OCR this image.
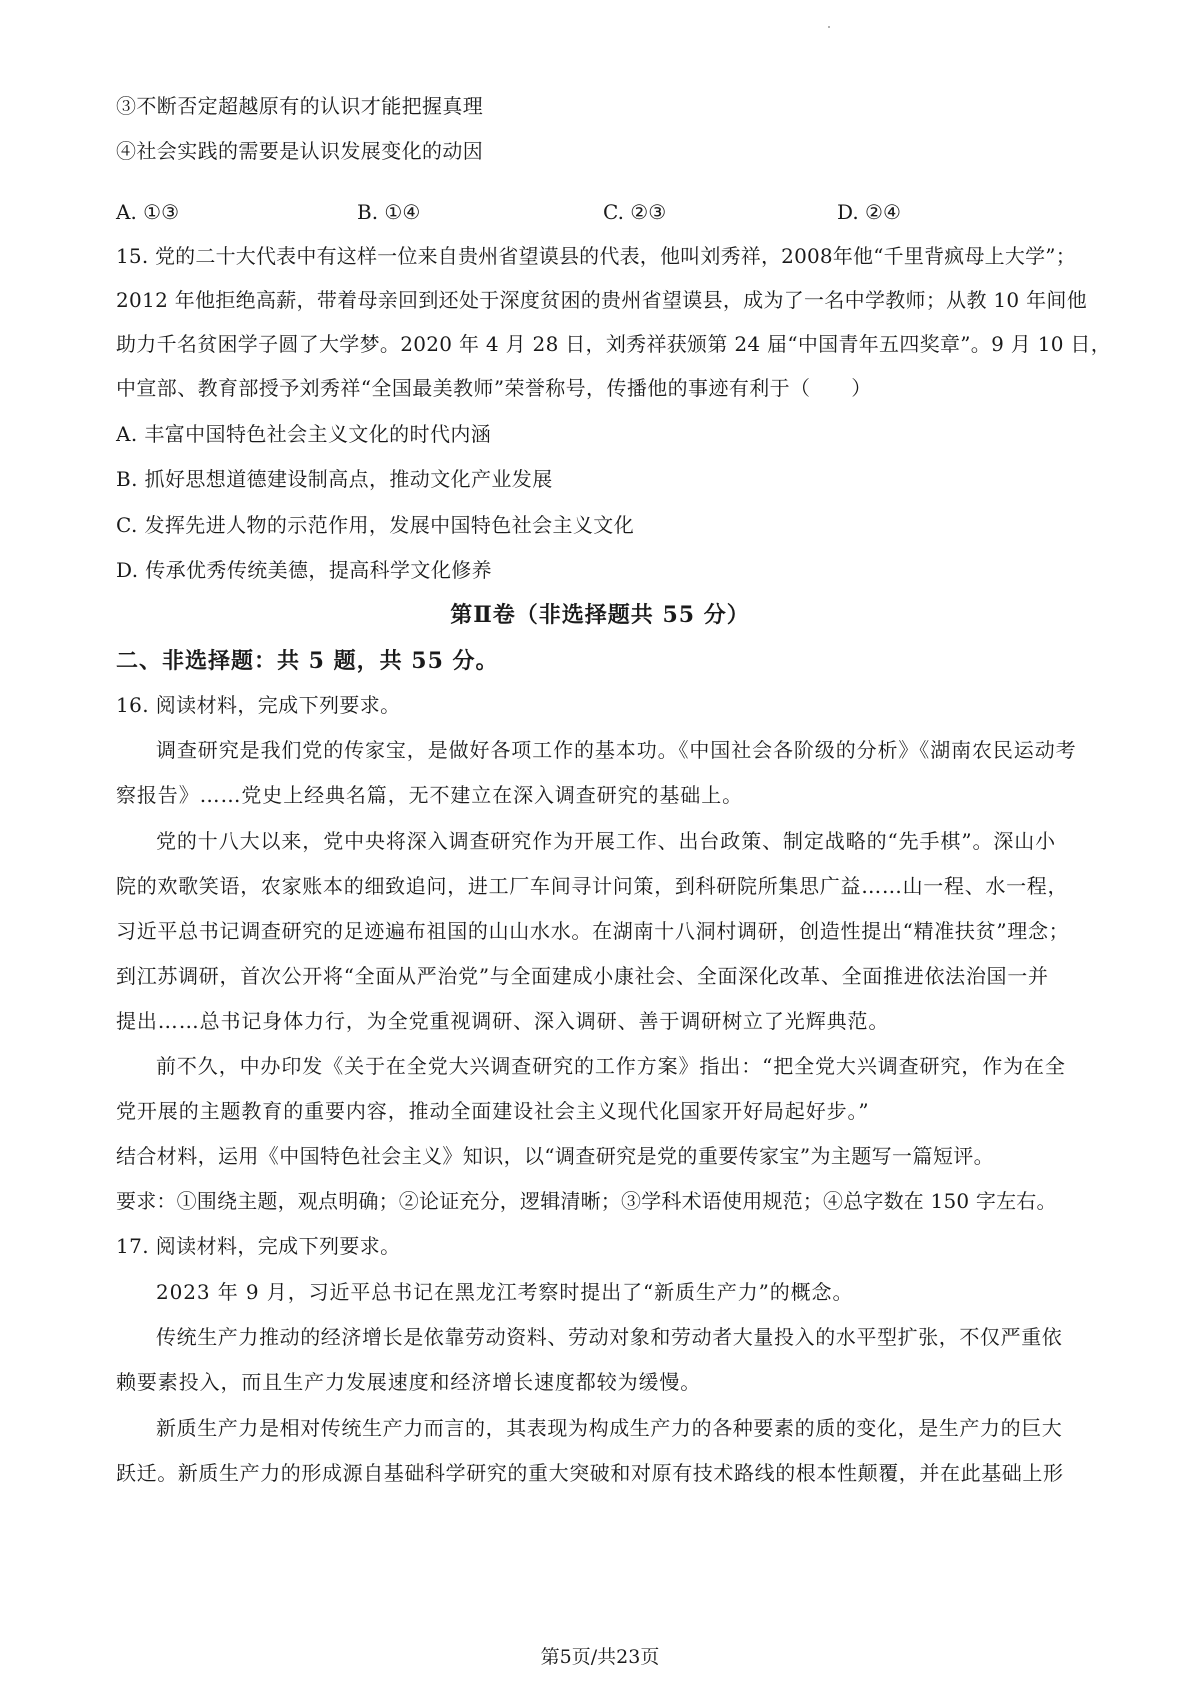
③不断否定超越原有的认识才能把握真理
④社会实践的需要是认识发展变化的动因
A. ①③	B. ①④	C. ②③	D. ②④
15. 党的二十大代表中有这样一位来自贵州省望谟县的代表，他叫刘秀祥，2008年他“千里背疯母上大学”；
2012 年他拒绝高薪，带着母亲回到还处于深度贫困的贵州省望谟县，成为了一名中学教师；从教 10 年间他
助力千名贫困学子圆了大学梦。2020 年 4 月 28 日，刘秀祥获颁第 24 届“中国青年五四奖章”。9 月 10 日，
中宣部、教育部授予刘秀祥“全国最美教师”荣誉称号，传播他的事迹有利于（　　）
A. 丰富中国特色社会主义文化的时代内涵
B. 抓好思想道德建设制高点，推动文化产业发展
C. 发挥先进人物的示范作用，发展中国特色社会主义文化
D. 传承优秀传统美德，提高科学文化修养
第Ⅱ卷（非选择题共 55 分）
二、非选择题：共 5 题，共 55 分。
16. 阅读材料，完成下列要求。
调查研究是我们党的传家宝，是做好各项工作的基本功。《中国社会各阶级的分析》《湖南农民运动考
察报告》……党史上经典名篇，无不建立在深入调查研究的基础上。
党的十八大以来，党中央将深入调查研究作为开展工作、出台政策、制定战略的“先手棋”。深山小
院的欢歌笑语，农家账本的细致追问，进工厂车间寻计问策，到科研院所集思广益……山一程、水一程，
习近平总书记调查研究的足迹遍布祖国的山山水水。在湖南十八洞村调研，创造性提出“精准扶贫”理念；
到江苏调研，首次公开将“全面从严治党”与全面建成小康社会、全面深化改革、全面推进依法治国一并
提出……总书记身体力行，为全党重视调研、深入调研、善于调研树立了光辉典范。
前不久，中办印发《关于在全党大兴调查研究的工作方案》指出：“把全党大兴调查研究，作为在全
党开展的主题教育的重要内容，推动全面建设社会主义现代化国家开好局起好步。”
结合材料，运用《中国特色社会主义》知识，以“调查研究是党的重要传家宝”为主题写一篇短评。
要求：①围绕主题，观点明确；②论证充分，逻辑清晰；③学科术语使用规范；④总字数在 150 字左右。
17. 阅读材料，完成下列要求。
2023 年 9 月，习近平总书记在黑龙江考察时提出了“新质生产力”的概念。
传统生产力推动的经济增长是依靠劳动资料、劳动对象和劳动者大量投入的水平型扩张，不仅严重依
赖要素投入，而且生产力发展速度和经济增长速度都较为缓慢。
新质生产力是相对传统生产力而言的，其表现为构成生产力的各种要素的质的变化，是生产力的巨大
跃迁。新质生产力的形成源自基础科学研究的重大突破和对原有技术路线的根本性颠覆，并在此基础上形
第5页/共23页
